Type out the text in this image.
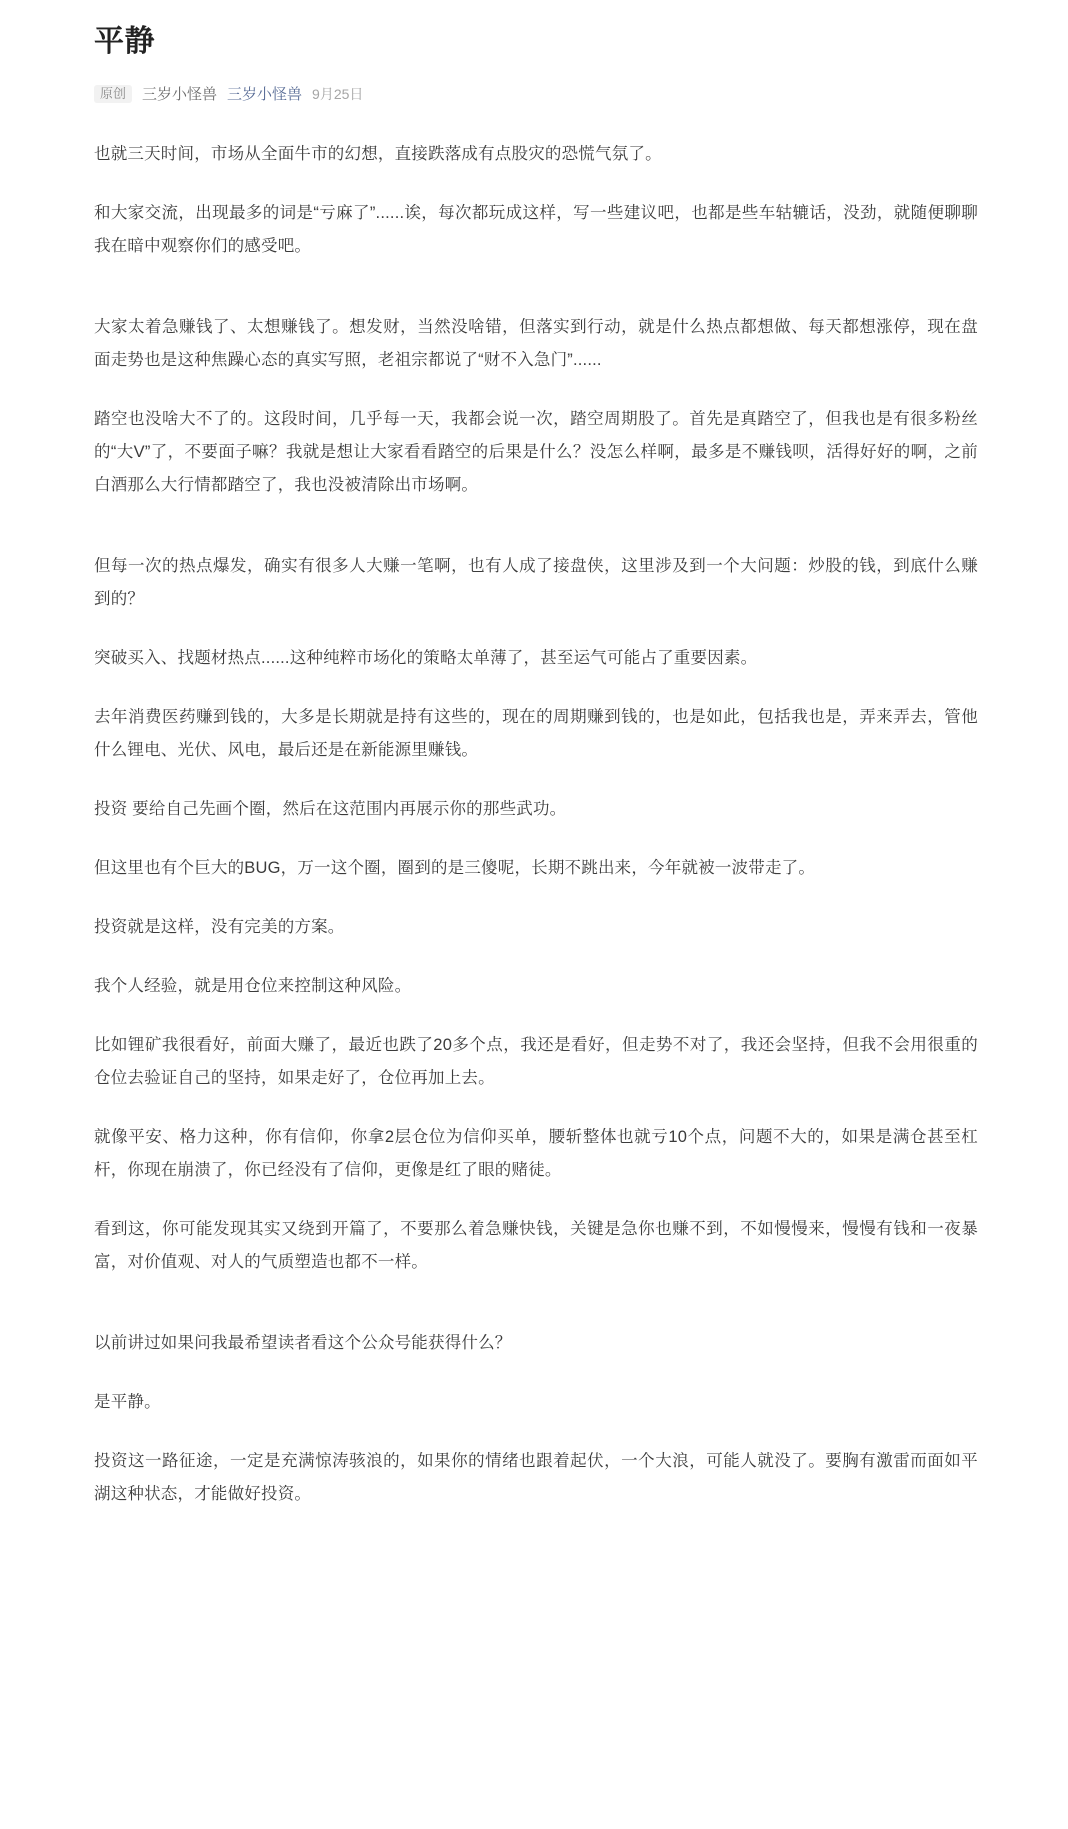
平静
原创	三岁小怪兽 三岁小怪兽 9月25日

也就三天时间，市场从全面牛市的幻想，直接跌落成有点股灾的恐慌气氛了。

和大家交流，出现最多的词是“亏麻了”......诶，每次都玩成这样，写一些建议吧，也都是些车轱辘话，没劲，就随便聊聊我在暗中观察你们的感受吧。

大家太着急赚钱了、太想赚钱了。想发财，当然没啥错，但落实到行动，就是什么热点都想做、每天都想涨停，现在盘面走势也是这种焦躁心态的真实写照，老祖宗都说了“财不入急门”......

踏空也没啥大不了的。这段时间，几乎每一天，我都会说一次，踏空周期股了。首先是真踏空了，但我也是有很多粉丝的“大V”了，不要面子嘛？我就是想让大家看看踏空的后果是什么？没怎么样啊，最多是不赚钱呗，活得好好的啊，之前白酒那么大行情都踏空了，我也没被清除出市场啊。

但每一次的热点爆发，确实有很多人大赚一笔啊，也有人成了接盘侠，这里涉及到一个大问题：炒股的钱，到底什么赚到的？

突破买入、找题材热点......这种纯粹市场化的策略太单薄了，甚至运气可能占了重要因素。

去年消费医药赚到钱的，大多是长期就是持有这些的，现在的周期赚到钱的，也是如此，包括我也是，弄来弄去，管他什么锂电、光伏、风电，最后还是在新能源里赚钱。

投资 要给自己先画个圈，然后在这范围内再展示你的那些武功。

但这里也有个巨大的BUG，万一这个圈，圈到的是三傻呢，长期不跳出来，今年就被一波带走了。

投资就是这样，没有完美的方案。

我个人经验，就是用仓位来控制这种风险。

比如锂矿我很看好，前面大赚了，最近也跌了20多个点，我还是看好，但走势不对了，我还会坚持，但我不会用很重的仓位去验证自己的坚持，如果走好了，仓位再加上去。

就像平安、格力这种，你有信仰，你拿2层仓位为信仰买单，腰斩整体也就亏10个点，问题不大的，如果是满仓甚至杠杆，你现在崩溃了，你已经没有了信仰，更像是红了眼的赌徒。

看到这，你可能发现其实又绕到开篇了，不要那么着急赚快钱，关键是急你也赚不到，不如慢慢来，慢慢有钱和一夜暴富，对价值观、对人的气质塑造也都不一样。

以前讲过如果问我最希望读者看这个公众号能获得什么？

是平静。

投资这一路征途，一定是充满惊涛骇浪的，如果你的情绪也跟着起伏，一个大浪，可能人就没了。要胸有激雷而面如平湖这种状态，才能做好投资。
